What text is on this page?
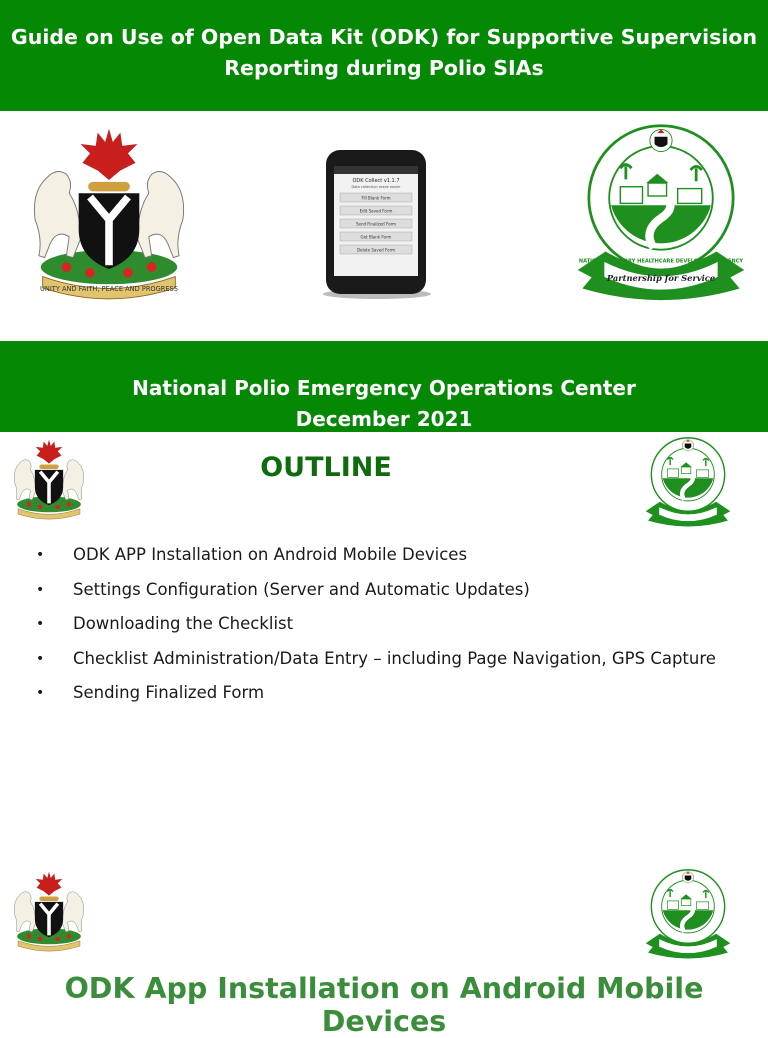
Guide on Use of Open Data Kit (ODK) for Supportive Supervision
Reporting during Polio SIAs
UNITY AND FAITH, PEACE AND PROGRESS
ODK Collect v1.1.7
Data collection made easier
Fill Blank Form
Edit Saved Form
Send Finalized Form
Get Blank Form
Delete Saved Form
NATIONAL PRIMARY HEALTHCARE DEVELOPMENT AGENCY
Partnership for Service
National Polio Emergency Operations Center
December 2021
OUTLINE
• ODK APP Installation on Android Mobile Devices
• Settings Configuration (Server and Automatic Updates)
• Downloading the Checklist
• Checklist Administration/Data Entry – including Page Navigation, GPS Capture
• Sending Finalized Form
ODK App Installation on Android Mobile Devices
